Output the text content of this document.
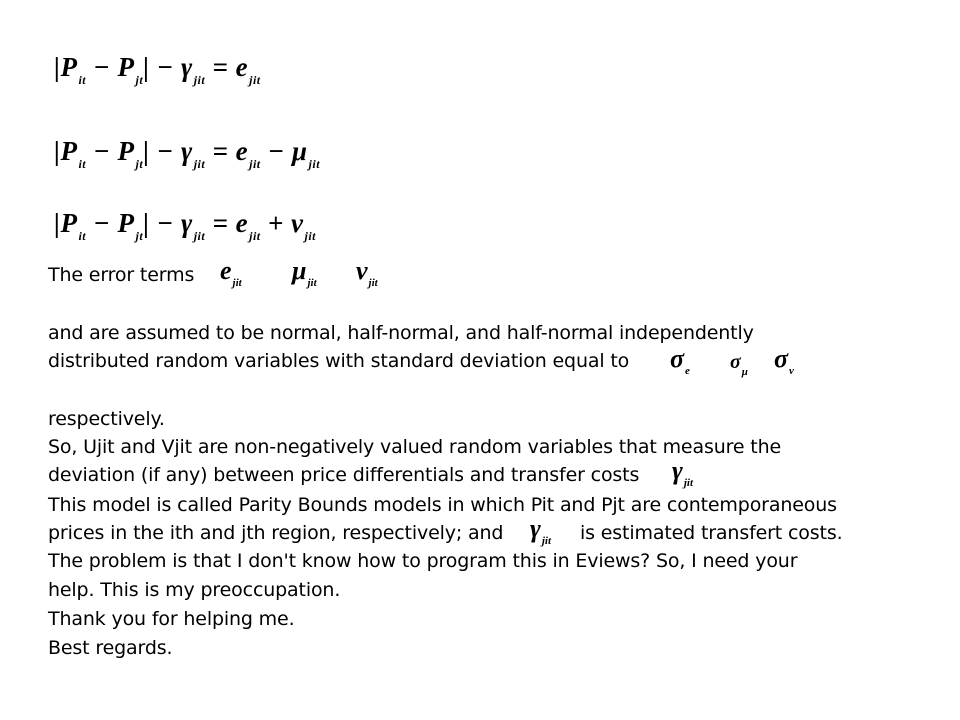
$|P_{it} - P_{jt}| - \gamma_{jit} = e_{jit}$
$|P_{it} - P_{jt}| - \gamma_{jit} = e_{jit} - \mu_{jit}$
$|P_{it} - P_{jt}| - \gamma_{jit} = e_{jit} + \nu_{jit}$
The error terms $e_{jit}$ $\mu_{jit}$ $\nu_{jit}$
and are assumed to be normal, half-normal, and half-normal independently
distributed random variables with standard deviation equal to $\sigma_e$ $\sigma_\mu$ $\sigma_\nu$
respectively.
So, Ujit and Vjit are non-negatively valued random variables that measure the
deviation (if any) between price differentials and transfer costs $\gamma_{jit}$
This model is called Parity Bounds models in which Pit and Pjt are contemporaneous
prices in the ith and jth region, respectively; and $\gamma_{jit}$ is estimated transfert costs.
The problem is that I don't know how to program this in Eviews? So, I need your
help. This is my preoccupation.
Thank you for helping me.
Best regards.
